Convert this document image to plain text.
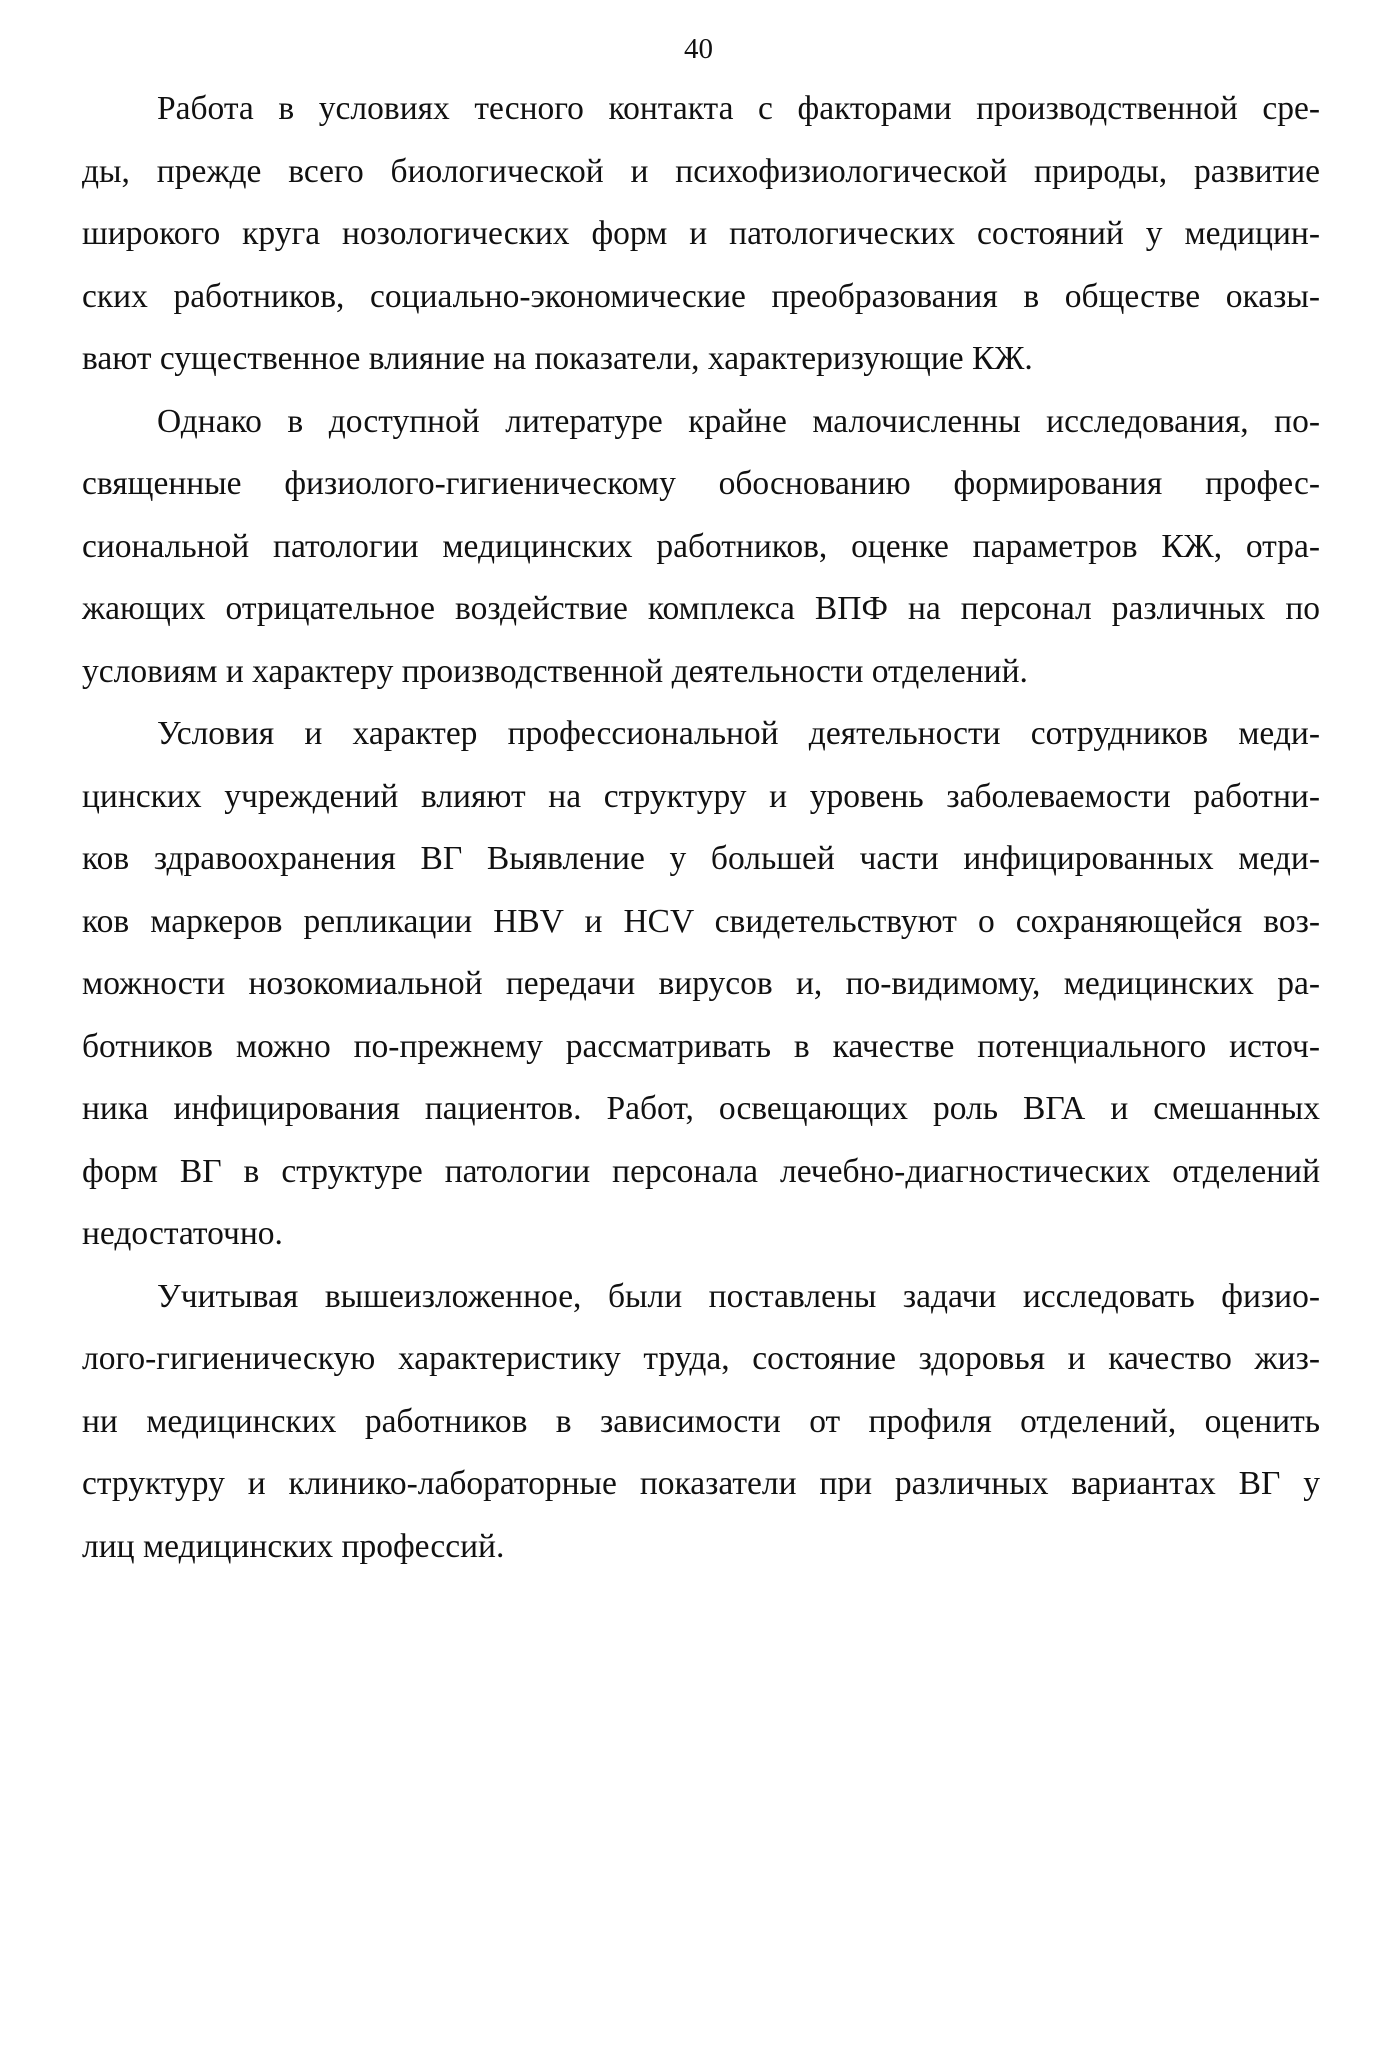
40

Работа в условиях тесного контакта с факторами производственной сре-
ды, прежде всего биологической и психофизиологической природы, развитие
широкого круга нозологических форм и патологических состояний у медицин-
ских работников, социально-экономические преобразования в обществе оказы-
вают существенное влияние на показатели, характеризующие КЖ.

Однако в доступной литературе крайне малочисленны исследования, по-
священные физиолого-гигиеническому обоснованию формирования профес-
сиональной патологии медицинских работников, оценке параметров КЖ, отра-
жающих отрицательное воздействие комплекса ВПФ на персонал различных по
условиям и характеру производственной деятельности отделений.

Условия и характер профессиональной деятельности сотрудников меди-
цинских учреждений влияют на структуру и уровень заболеваемости работни-
ков здравоохранения ВГ Выявление у большей части инфицированных меди-
ков маркеров репликации HBV и HCV свидетельствуют о сохраняющейся воз-
можности нозокомиальной передачи вирусов и, по-видимому, медицинских ра-
ботников можно по-прежнему рассматривать в качестве потенциального источ-
ника инфицирования пациентов. Работ, освещающих роль ВГА и смешанных
форм ВГ в структуре патологии персонала лечебно-диагностических отделений
недостаточно.

Учитывая вышеизложенное, были поставлены задачи исследовать физио-
лого-гигиеническую характеристику труда, состояние здоровья и качество жиз-
ни медицинских работников в зависимости от профиля отделений, оценить
структуру и клинико-лабораторные показатели при различных вариантах ВГ у
лиц медицинских профессий.
